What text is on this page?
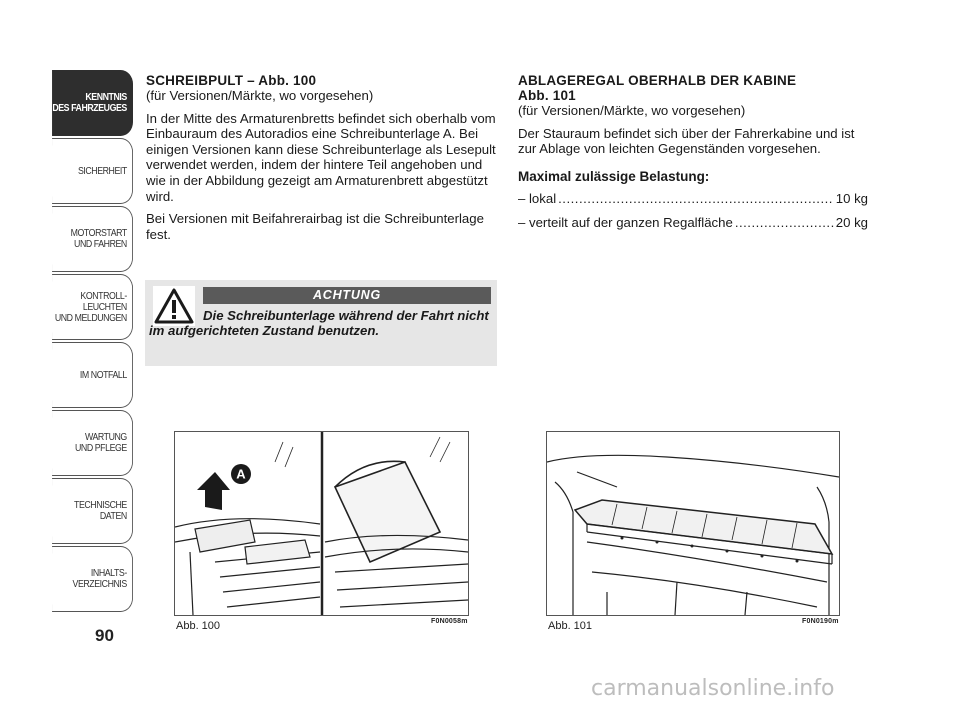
KENNTNIS
DES FAHRZEUGES
SICHERHEIT
MOTORSTART
UND FAHREN
KONTROLL-
LEUCHTEN
UND MELDUNGEN
IM NOTFALL
WARTUNG
UND PFLEGE
TECHNISCHE
DATEN
INHALTS-
VERZEICHNIS
90
SCHREIBPULT – Abb. 100

(für Versionen/Märkte, wo vorgesehen)

In der Mitte des Armaturenbretts befindet sich oberhalb vom Einbauraum des Autoradios eine Schreibunterlage A. Bei einigen Versionen kann diese Schreibunterlage als Lesepult verwendet werden, indem der hintere Teil angehoben und wie in der Abbildung gezeigt am Armaturenbrett abgestützt wird.

Bei Versionen mit Beifahrerairbag ist die Schreibunterlage fest.

ACHTUNG
Die Schreibunterlage während der Fahrt nicht im aufgerichteten Zustand benutzen.
ABLAGEREGAL OBERHALB DER KABINE
Abb. 101

(für Versionen/Märkte, wo vorgesehen)

Der Stauraum befindet sich über der Fahrerkabine und ist zur Ablage von leichten Gegenständen vorgesehen.

Maximal zulässige Belastung:
– lokal .....	10 kg
– verteilt auf der ganzen Regalfläche .....	20 kg
A
Abb. 100	F0N0058m	Abb. 101	F0N0190m
carmanualsonline.info
